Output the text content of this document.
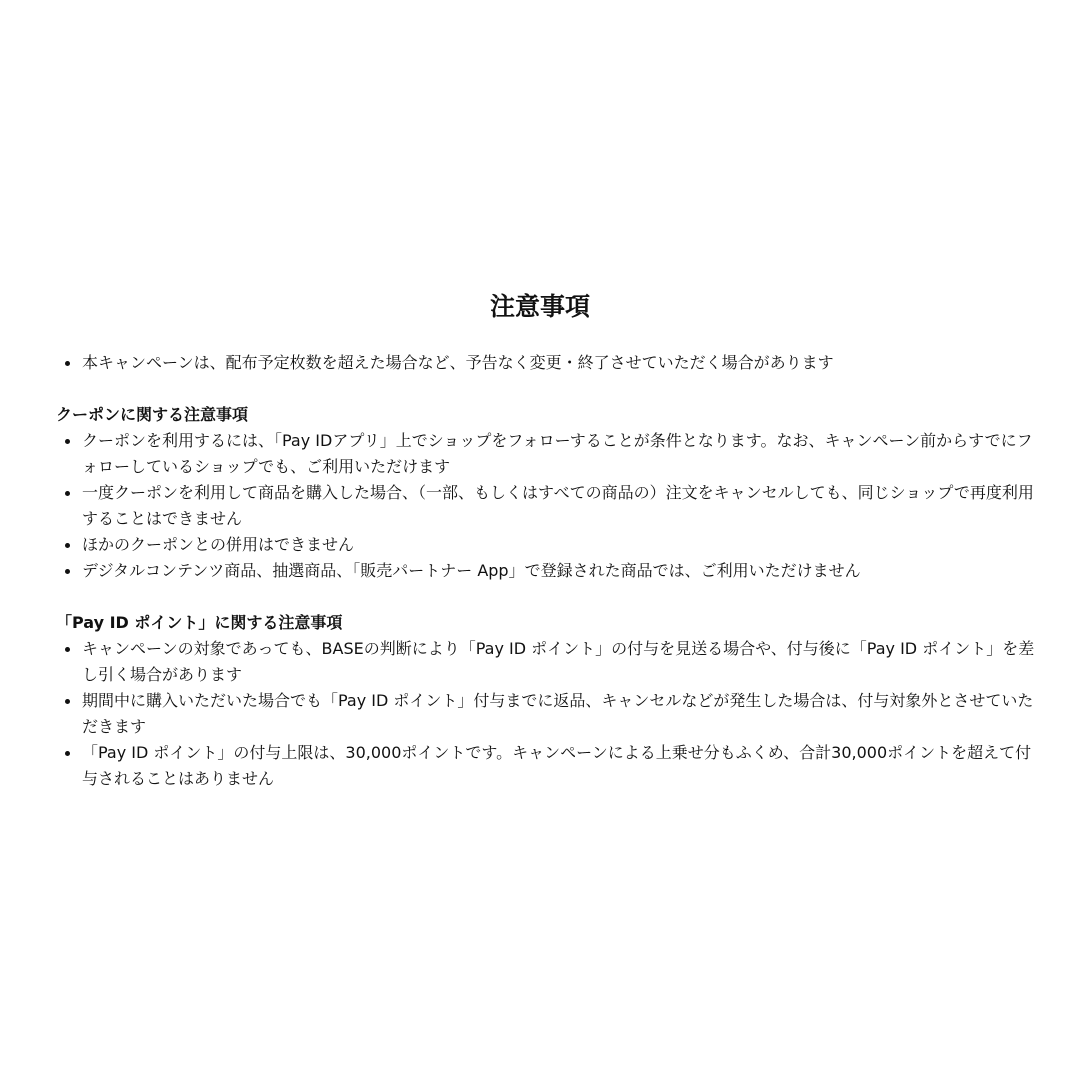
注意事項
本キャンペーンは、配布予定枚数を超えた場合など、予告なく変更・終了させていただく場合があります
クーポンに関する注意事項
クーポンを利用するには、「Pay IDアプリ」上でショップをフォローすることが条件となります。なお、キャンペーン前からすでにフォローしているショップでも、ご利用いただけます
一度クーポンを利用して商品を購入した場合、（一部、もしくはすべての商品の）注文をキャンセルしても、同じショップで再度利用することはできません
ほかのクーポンとの併用はできません
デジタルコンテンツ商品、抽選商品、「販売パートナー App」で登録された商品では、ご利用いただけません
「Pay ID ポイント」に関する注意事項
キャンペーンの対象であっても、BASEの判断により「Pay ID ポイント」の付与を見送る場合や、付与後に「Pay ID ポイント」を差し引く場合があります
期間中に購入いただいた場合でも「Pay ID ポイント」付与までに返品、キャンセルなどが発生した場合は、付与対象外とさせていただきます
「Pay ID ポイント」の付与上限は、30,000ポイントです。キャンペーンによる上乗せ分もふくめ、合計30,000ポイントを超えて付与されることはありません
